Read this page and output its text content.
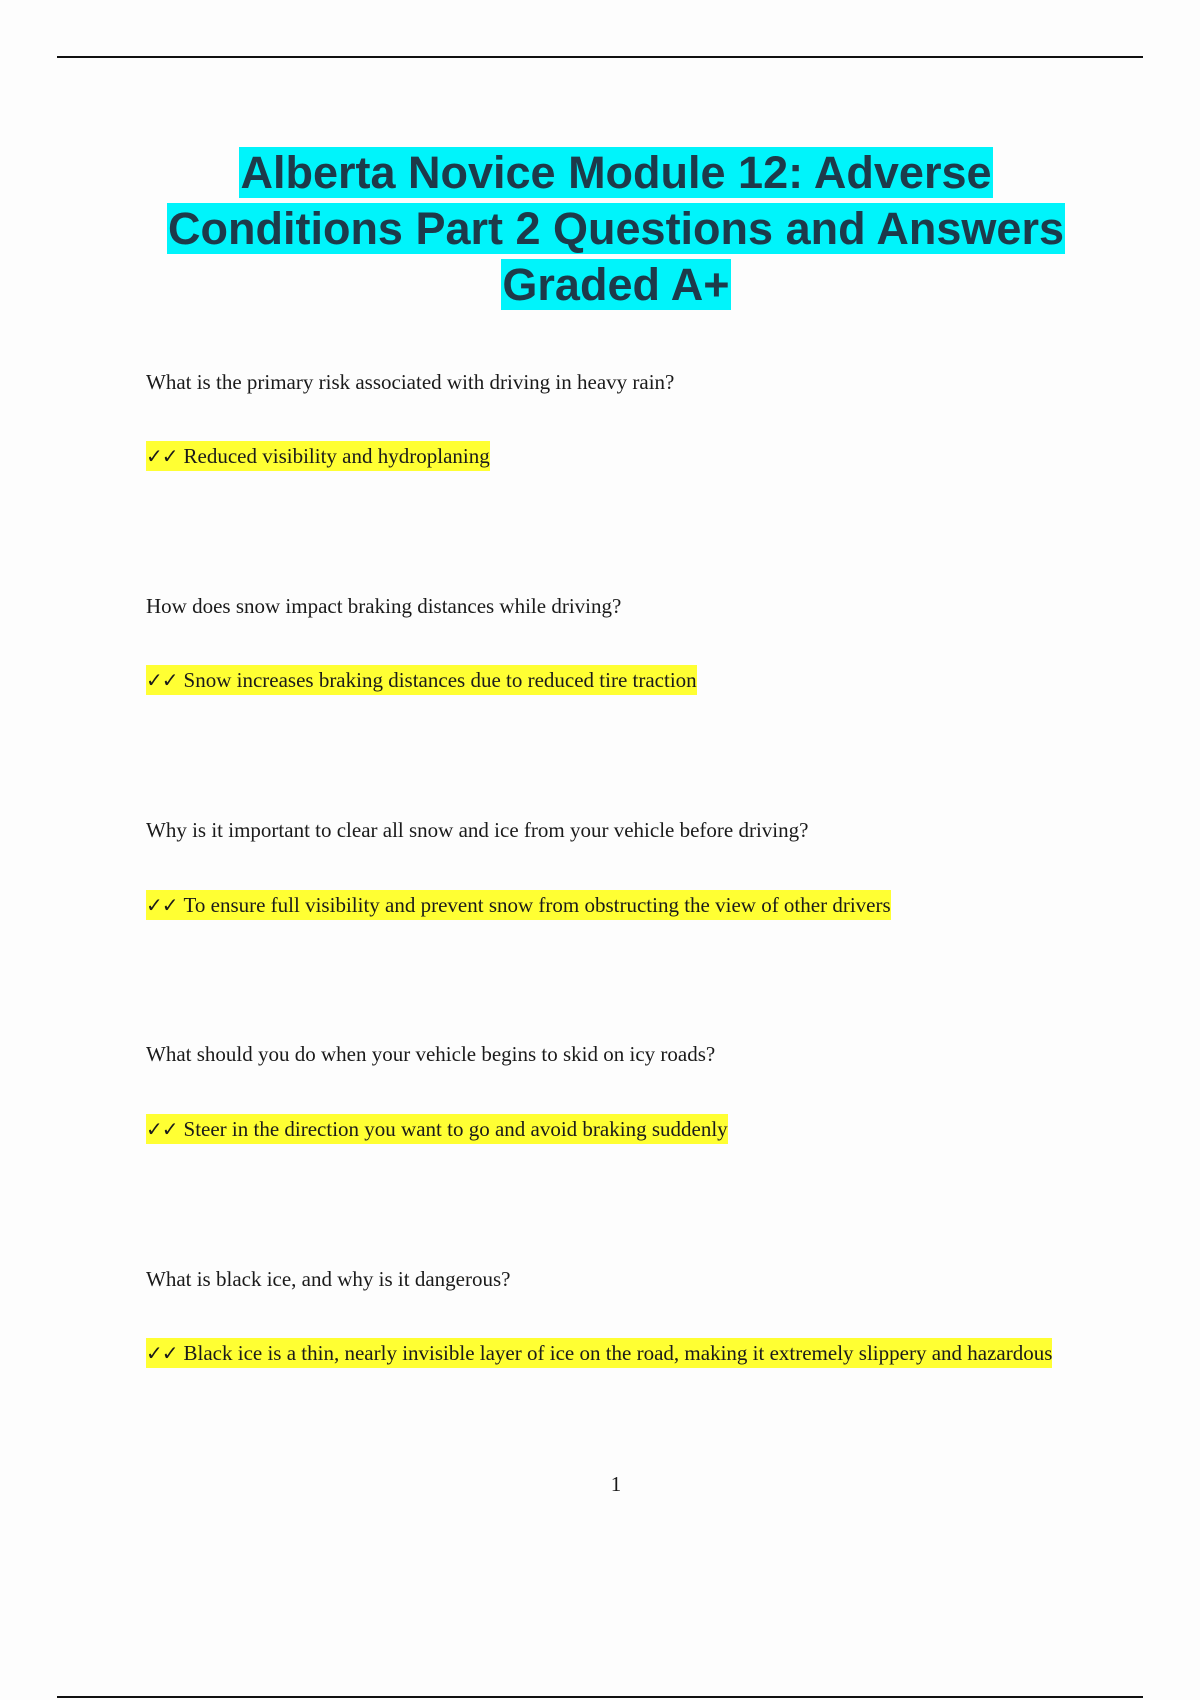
Alberta Novice Module 12: Adverse Conditions Part 2 Questions and Answers Graded A+
What is the primary risk associated with driving in heavy rain?
✓✓ Reduced visibility and hydroplaning
How does snow impact braking distances while driving?
✓✓ Snow increases braking distances due to reduced tire traction
Why is it important to clear all snow and ice from your vehicle before driving?
✓✓ To ensure full visibility and prevent snow from obstructing the view of other drivers
What should you do when your vehicle begins to skid on icy roads?
✓✓ Steer in the direction you want to go and avoid braking suddenly
What is black ice, and why is it dangerous?
✓✓ Black ice is a thin, nearly invisible layer of ice on the road, making it extremely slippery and hazardous
1
